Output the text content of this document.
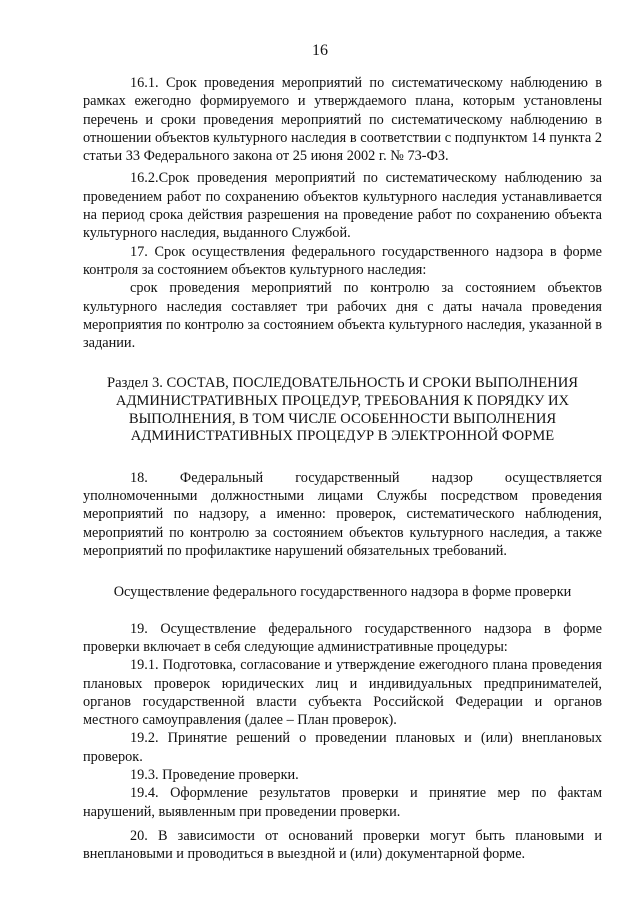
16

16.1. Срок проведения мероприятий по систематическому наблюдению в рамках ежегодно формируемого и утверждаемого плана, которым установлены перечень и сроки проведения мероприятий по систематическому наблюдению в отношении объектов культурного наследия в соответствии с подпунктом 14 пункта 2 статьи 33 Федерального закона от 25 июня 2002 г. № 73-ФЗ.

16.2.Срок проведения мероприятий по систематическому наблюдению за проведением работ по сохранению объектов культурного наследия устанавливается на период срока действия разрешения на проведение работ по сохранению объекта культурного наследия, выданного Службой.

17. Срок осуществления федерального государственного надзора в форме контроля за состоянием объектов культурного наследия:

срок проведения мероприятий по контролю за состоянием объектов культурного наследия составляет три рабочих дня с даты начала проведения мероприятия по контролю за состоянием объекта культурного наследия, указанной в задании.

Раздел 3. СОСТАВ, ПОСЛЕДОВАТЕЛЬНОСТЬ И СРОКИ ВЫПОЛНЕНИЯ АДМИНИСТРАТИВНЫХ ПРОЦЕДУР, ТРЕБОВАНИЯ К ПОРЯДКУ ИХ ВЫПОЛНЕНИЯ, В ТОМ ЧИСЛЕ ОСОБЕННОСТИ ВЫПОЛНЕНИЯ АДМИНИСТРАТИВНЫХ ПРОЦЕДУР В ЭЛЕКТРОННОЙ ФОРМЕ

18. Федеральный государственный надзор осуществляется уполномоченными должностными лицами Службы посредством проведения мероприятий по надзору, а именно: проверок, систематического наблюдения, мероприятий по контролю за состоянием объектов культурного наследия, а также мероприятий по профилактике нарушений обязательных требований.

Осуществление федерального государственного надзора в форме проверки

19. Осуществление федерального государственного надзора в форме проверки включает в себя следующие административные процедуры:

19.1. Подготовка, согласование и утверждение ежегодного плана проведения плановых проверок юридических лиц и индивидуальных предпринимателей, органов государственной власти субъекта Российской Федерации и органов местного самоуправления (далее – План проверок).

19.2. Принятие решений о проведении плановых и (или) внеплановых проверок.

19.3. Проведение проверки.

19.4. Оформление результатов проверки и принятие мер по фактам нарушений, выявленным при проведении проверки.

20. В зависимости от оснований проверки могут быть плановыми и внеплановыми и проводиться в выездной и (или) документарной форме.
